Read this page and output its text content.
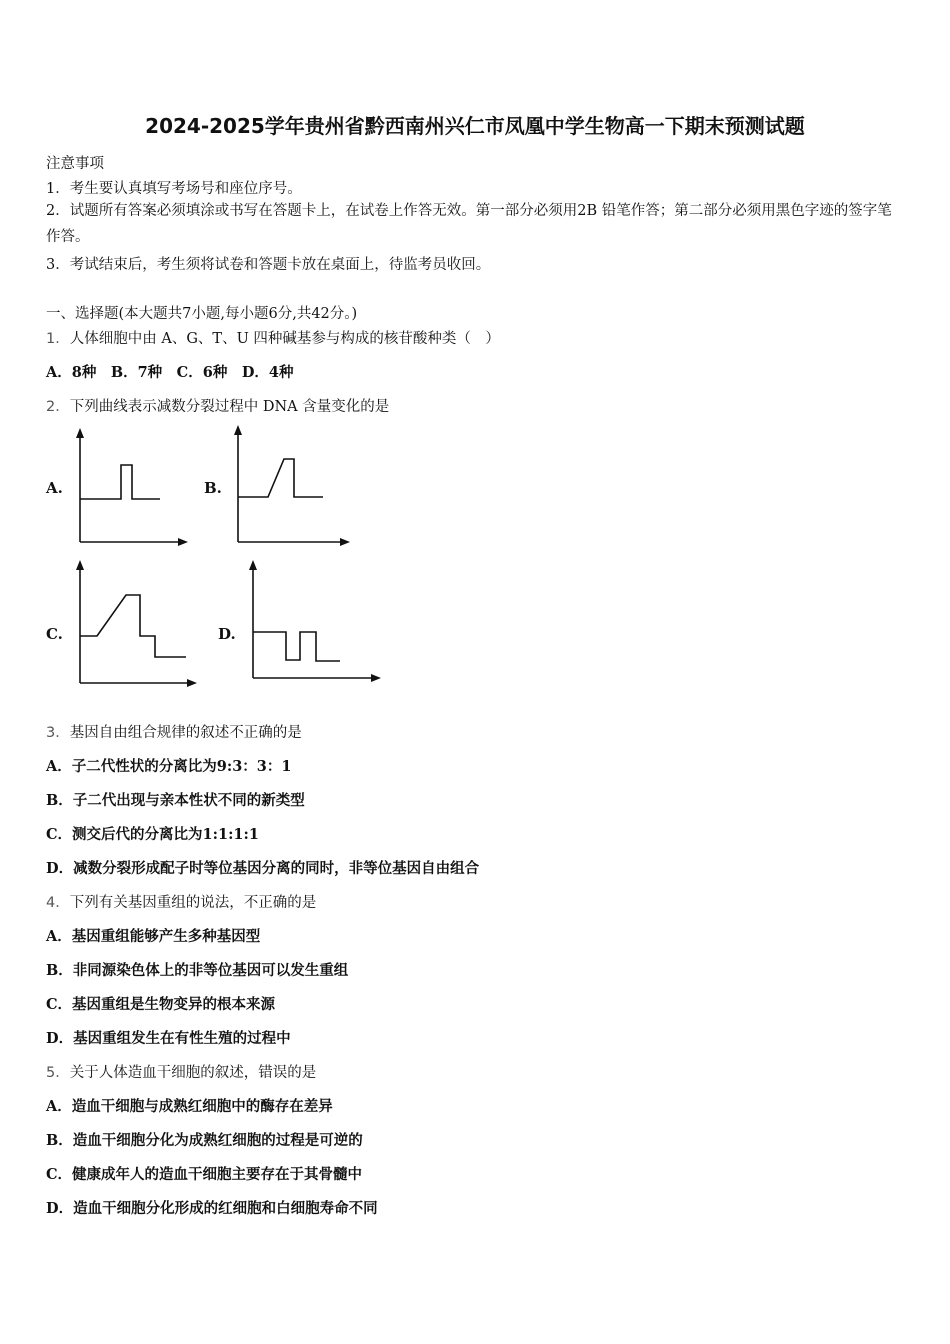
2024-2025学年贵州省黔西南州兴仁市凤凰中学生物高一下期末预测试题
注意事项
1．考生要认真填写考场号和座位序号。
2．试题所有答案必须填涂或书写在答题卡上，在试卷上作答无效。第一部分必须用2B 铅笔作答；第二部分必须用黑色字迹的签字笔作答。
3．考试结束后，考生须将试卷和答题卡放在桌面上，待监考员收回。
一、选择题(本大题共7小题,每小题6分,共42分。)
1．人体细胞中由 A、G、T、U 四种碱基参与构成的核苷酸种类（　）
A．8种　B．7种　C．6种　D．4种
2．下列曲线表示减数分裂过程中 DNA 含量变化的是
A.	B.
C.	D.
3．基因自由组合规律的叙述不正确的是
A．子二代性状的分离比为9:3：3：1
B．子二代出现与亲本性状不同的新类型
C．测交后代的分离比为1:1:1:1
D．减数分裂形成配子时等位基因分离的同时，非等位基因自由组合
4．下列有关基因重组的说法，不正确的是
A．基因重组能够产生多种基因型
B．非同源染色体上的非等位基因可以发生重组
C．基因重组是生物变异的根本来源
D．基因重组发生在有性生殖的过程中
5．关于人体造血干细胞的叙述，错误的是
A．造血干细胞与成熟红细胞中的酶存在差异
B．造血干细胞分化为成熟红细胞的过程是可逆的
C．健康成年人的造血干细胞主要存在于其骨髓中
D．造血干细胞分化形成的红细胞和白细胞寿命不同
